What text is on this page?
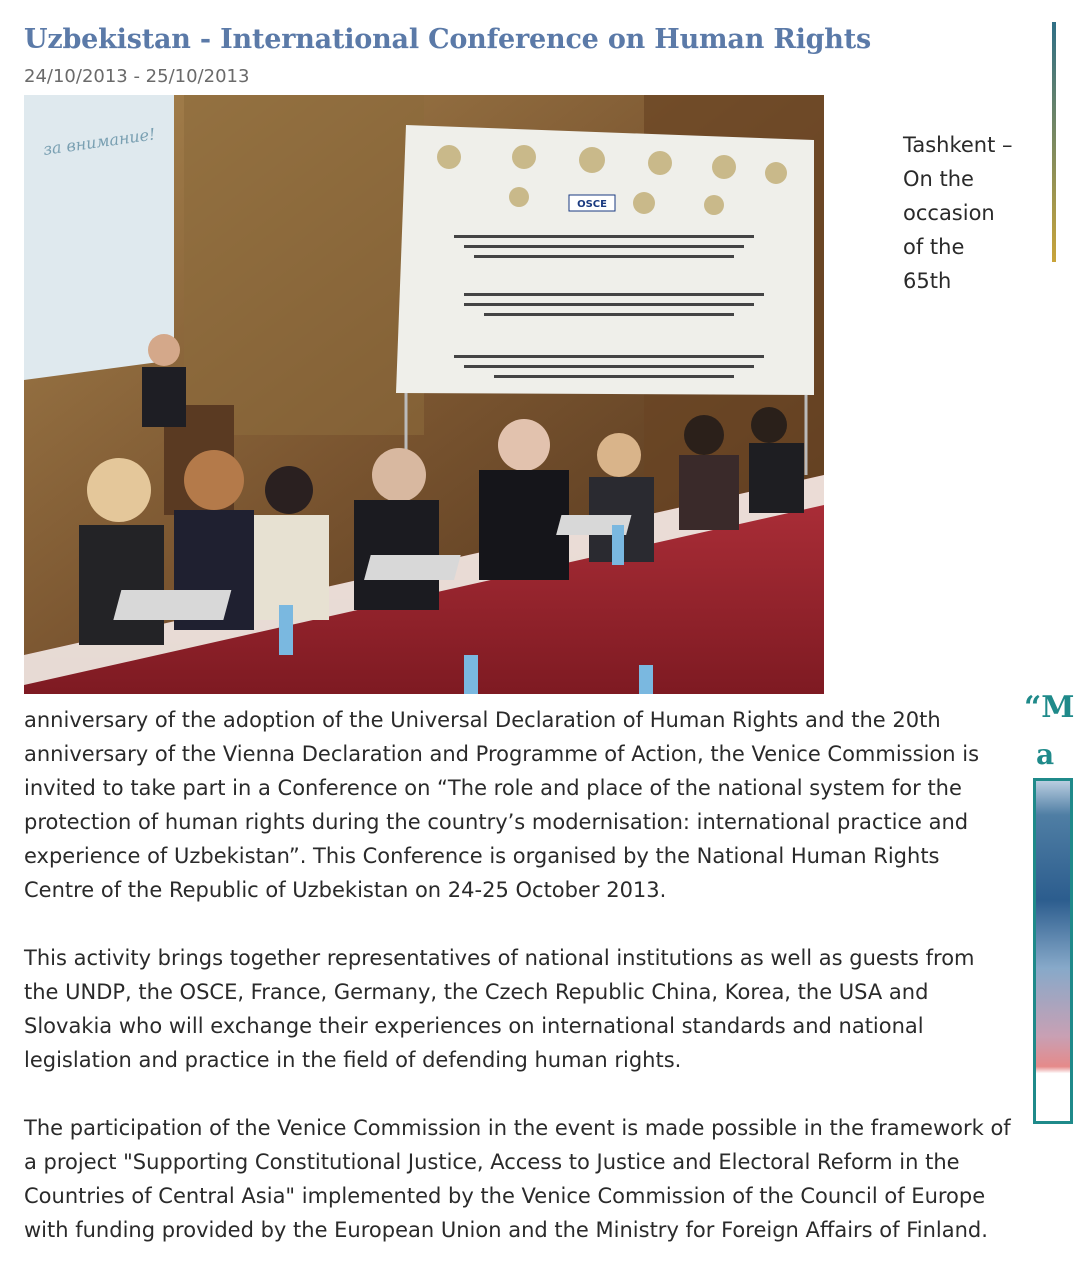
Uzbekistan - International Conference on Human Rights
24/10/2013 - 25/10/2013
за внимание!
OSCE
Tashkent – On the occasion of the 65th

anniversary of the adoption of the Universal Declaration of Human Rights and the 20th anniversary of the Vienna Declaration and Programme of Action, the Venice Commission is invited to take part in a Conference on “The role and place of the national system for the protection of human rights during the country’s modernisation: international practice and experience of Uzbekistan”. This Conference is organised by the National Human Rights Centre of the Republic of Uzbekistan on 24-25 October 2013.

This activity brings together representatives of national institutions as well as guests from the UNDP, the OSCE, France, Germany, the Czech Republic China, Korea, the USA and Slovakia who will exchange their experiences on international standards and national legislation and practice in the field of defending human rights.

The participation of the Venice Commission in the event is made possible in the framework of a project "Supporting Constitutional Justice, Access to Justice and Electoral Reform in the Countries of Central Asia" implemented by the Venice Commission of the Council of Europe with funding provided by the European Union and the Ministry for Foreign Affairs of Finland.

“M
a
